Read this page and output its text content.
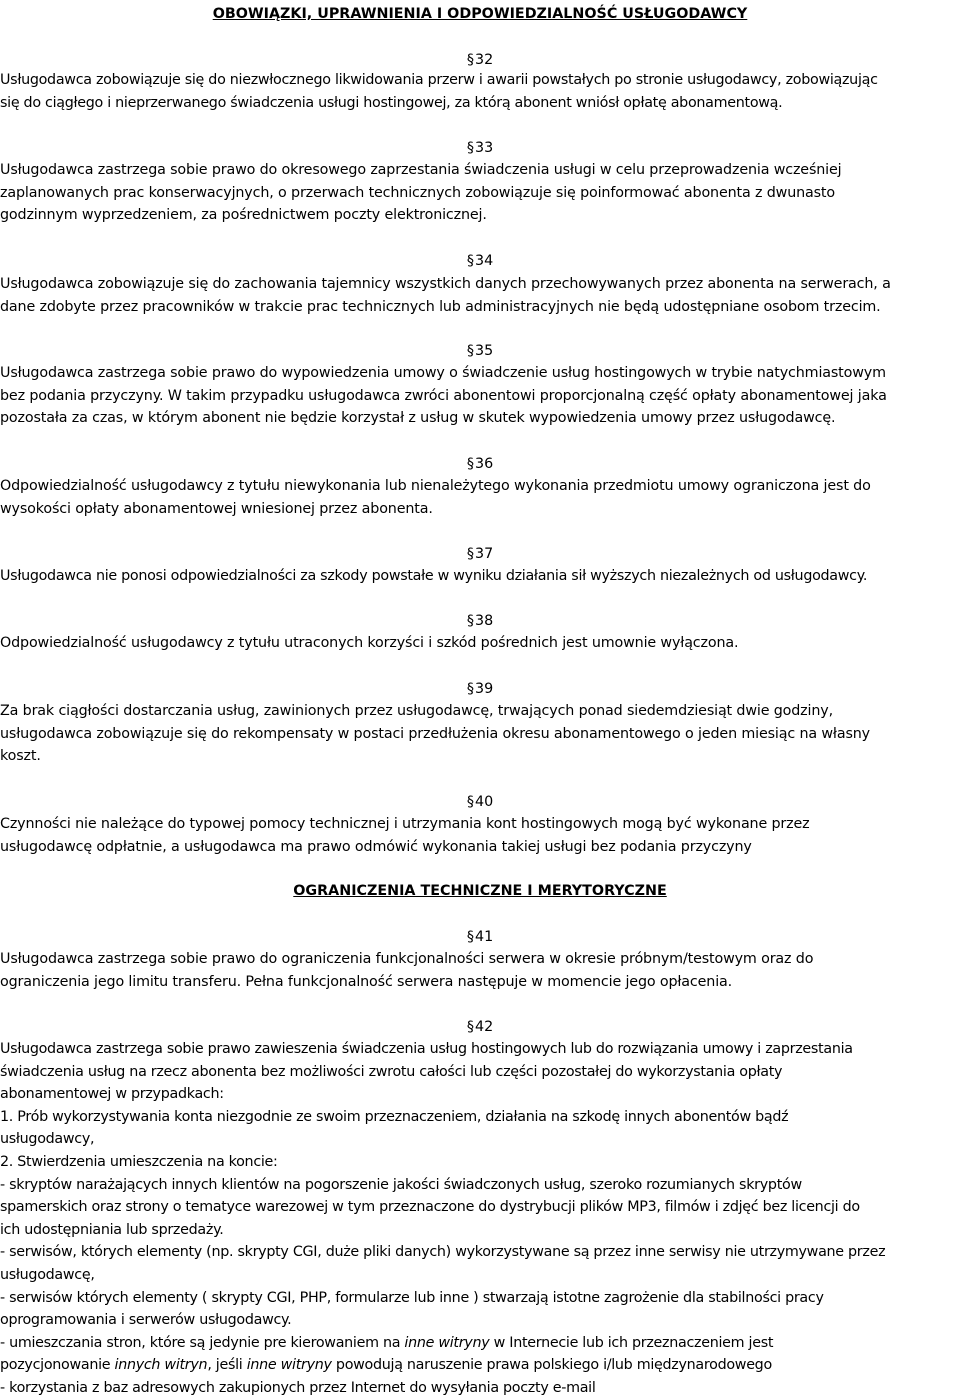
OBOWIĄZKI, UPRAWNIENIA I ODPOWIEDZIALNOŚĆ USŁUGODAWCY
§32
Usługodawca zobowiązuje się do niezwłocznego likwidowania przerw i awarii powstałych po stronie usługodawcy, zobowiązując
się do ciągłego i nieprzerwanego świadczenia usługi hostingowej, za którą abonent wniósł opłatę abonamentową.
§33
Usługodawca zastrzega sobie prawo do okresowego zaprzestania świadczenia usługi w celu przeprowadzenia wcześniej
zaplanowanych prac konserwacyjnych, o przerwach technicznych zobowiązuje się poinformować abonenta z dwunasto
godzinnym wyprzedzeniem, za pośrednictwem poczty elektronicznej.
§34
Usługodawca zobowiązuje się do zachowania tajemnicy wszystkich danych przechowywanych przez abonenta na serwerach, a
dane zdobyte przez pracowników w trakcie prac technicznych lub administracyjnych nie będą udostępniane osobom trzecim.
§35
Usługodawca zastrzega sobie prawo do wypowiedzenia umowy o świadczenie usług hostingowych w trybie natychmiastowym
bez podania przyczyny. W takim przypadku usługodawca zwróci abonentowi proporcjonalną część opłaty abonamentowej jaka
pozostała za czas, w którym abonent nie będzie korzystał z usług w skutek wypowiedzenia umowy przez usługodawcę.
§36
Odpowiedzialność usługodawcy z tytułu niewykonania lub nienależytego wykonania przedmiotu umowy ograniczona jest do
wysokości opłaty abonamentowej wniesionej przez abonenta.
§37
Usługodawca nie ponosi odpowiedzialności za szkody powstałe w wyniku działania sił wyższych niezależnych od usługodawcy.
§38
Odpowiedzialność usługodawcy z tytułu utraconych korzyści i szkód pośrednich jest umownie wyłączona.
§39
Za brak ciągłości dostarczania usług, zawinionych przez usługodawcę, trwających ponad siedemdziesiąt dwie godziny,
usługodawca zobowiązuje się do rekompensaty w postaci przedłużenia okresu abonamentowego o jeden miesiąc na własny
koszt.
§40
Czynności nie należące do typowej pomocy technicznej i utrzymania kont hostingowych mogą być wykonane przez
usługodawcę odpłatnie, a usługodawca ma prawo odmówić wykonania takiej usługi bez podania przyczyny
OGRANICZENIA TECHNICZNE I MERYTORYCZNE
§41
Usługodawca zastrzega sobie prawo do ograniczenia funkcjonalności serwera w okresie próbnym/testowym oraz do
ograniczenia jego limitu transferu. Pełna funkcjonalność serwera następuje w momencie jego opłacenia.
§42
Usługodawca zastrzega sobie prawo zawieszenia świadczenia usług hostingowych lub do rozwiązania umowy i zaprzestania
świadczenia usług na rzecz abonenta bez możliwości zwrotu całości lub części pozostałej do wykorzystania opłaty
abonamentowej w przypadkach:
1. Prób wykorzystywania konta niezgodnie ze swoim przeznaczeniem, działania na szkodę innych abonentów bądź
usługodawcy,
2. Stwierdzenia umieszczenia na koncie:
- skryptów narażających innych klientów na pogorszenie jakości świadczonych usług, szeroko rozumianych skryptów
spamerskich oraz strony o tematyce warezowej w tym przeznaczone do dystrybucji plików MP3, filmów i zdjęć bez licencji do
ich udostępniania lub sprzedaży.
- serwisów, których elementy (np. skrypty CGI, duże pliki danych) wykorzystywane są przez inne serwisy nie utrzymywane przez
usługodawcę,
- serwisów których elementy ( skrypty CGI, PHP, formularze lub inne ) stwarzają istotne zagrożenie dla stabilności pracy
oprogramowania i serwerów usługodawcy.
- umieszczania stron, które są jedynie pre kierowaniem na inne witryny w Internecie lub ich przeznaczeniem jest
pozycjonowanie innych witryn, jeśli inne witryny powodują naruszenie prawa polskiego i/lub międzynarodowego
- korzystania z baz adresowych zakupionych przez Internet do wysyłania poczty e-mail
